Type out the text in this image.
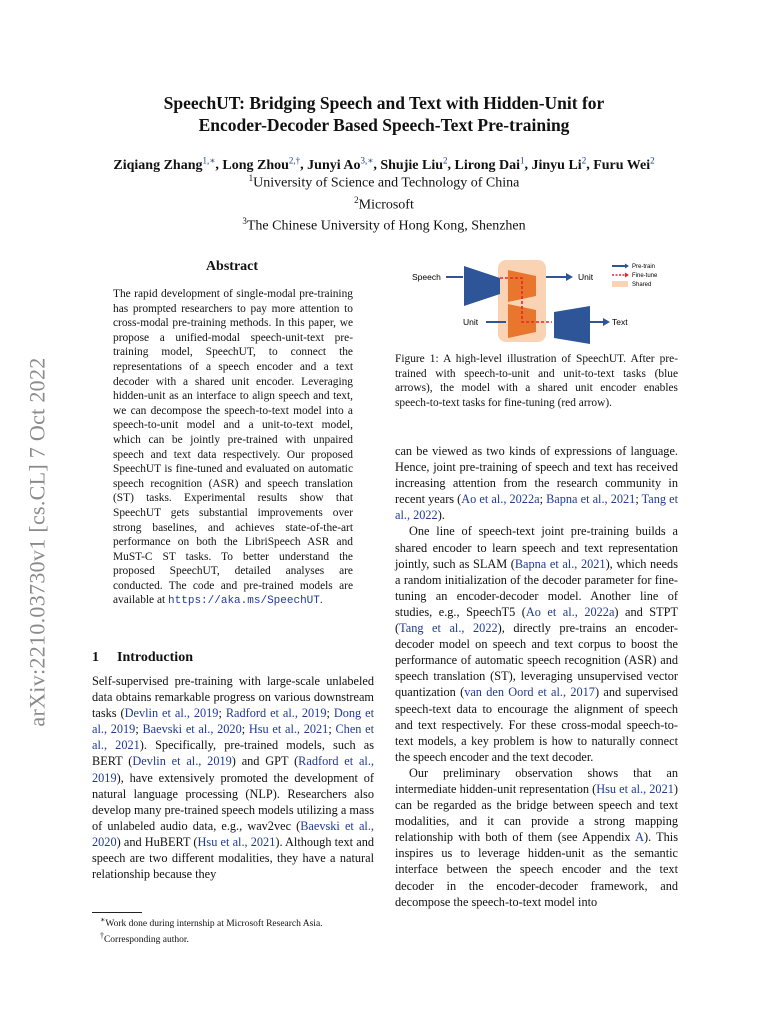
arXiv:2210.03730v1 [cs.CL] 7 Oct 2022
SpeechUT: Bridging Speech and Text with Hidden-Unit for
Encoder-Decoder Based Speech-Text Pre-training
Ziqiang Zhang$^{1,∗}$, Long Zhou$^{2,\dagger}$, Junyi $Ao^{3,∗}$, Shujie Liu$^2$, Lirong Dai$^1$, Jinyu Li$^2$, Furu Wei$^2$
$^1$University of Science and Technology of China
$^2$Microsoft
$^3$The Chinese University of Hong Kong, Shenzhen
Abstract
The rapid development of single-modal pre-training has prompted researchers to pay more attention to cross-modal pre-training methods. In this paper, we propose a unified-modal speech-unit-text pre-training model, SpeechUT, to connect the representations of a speech encoder and a text decoder with a shared unit encoder. Leveraging hidden-unit as an interface to align speech and text, we can decompose the speech-to-text model into a speech-to-unit model and a unit-to-text model, which can be jointly pre-trained with unpaired speech and text data respectively. Our proposed SpeechUT is fine-tuned and evaluated on automatic speech recognition (ASR) and speech translation (ST) tasks. Experimental results show that SpeechUT gets substantial improvements over strong baselines, and achieves state-of-the-art performance on both the LibriSpeech ASR and MuST-C ST tasks. To better understand the proposed SpeechUT, detailed analyses are conducted. The code and pre-trained models are available at https://aka.ms/SpeechUT.
Speech	Unit
Unit	Text
Pre-train
Fine-tune
Shared
Figure 1: A high-level illustration of SpeechUT. After pre-trained with speech-to-unit and unit-to-text tasks (blue arrows), the model with a shared unit encoder enables speech-to-text tasks for fine-tuning (red arrow).
1 Introduction

Self-supervised pre-training with large-scale unlabeled data obtains remarkable progress on various downstream tasks (Devlin et al., 2019; Radford et al., 2019; Dong et al., 2019; Baevski et al., 2020; Hsu et al., 2021; Chen et al., 2021). Specifically, pre-trained models, such as BERT (Devlin et al., 2019) and GPT (Radford et al., 2019), have extensively promoted the development of natural language processing (NLP). Researchers also develop many pre-trained speech models utilizing a mass of unlabeled audio data, e.g., wav2vec (Baevski et al., 2020) and HuBERT (Hsu et al., 2021). Although text and speech are two different modalities, they have a natural relationship because they

∗Work done during internship at Microsoft Research Asia.
†Corresponding author.

can be viewed as two kinds of expressions of language. Hence, joint pre-training of speech and text has received increasing attention from the research community in recent years (Ao et al., 2022a; Bapna et al., 2021; Tang et al., 2022).

One line of speech-text joint pre-training builds a shared encoder to learn speech and text representation jointly, such as SLAM (Bapna et al., 2021), which needs a random initialization of the decoder parameter for fine-tuning an encoder-decoder model. Another line of studies, e.g., SpeechT5 (Ao et al., 2022a) and STPT (Tang et al., 2022), directly pre-trains an encoder-decoder model on speech and text corpus to boost the performance of automatic speech recognition (ASR) and speech translation (ST), leveraging unsupervised vector quantization (van den Oord et al., 2017) and supervised speech-text data to encourage the alignment of speech and text respectively. For these cross-modal speech-to-text models, a key problem is how to naturally connect the speech encoder and the text decoder.

Our preliminary observation shows that an intermediate hidden-unit representation (Hsu et al., 2021) can be regarded as the bridge between speech and text modalities, and it can provide a strong mapping relationship with both of them (see Appendix A). This inspires us to leverage hidden-unit as the semantic interface between the speech encoder and the text decoder in the encoder-decoder framework, and decompose the speech-to-text model into
